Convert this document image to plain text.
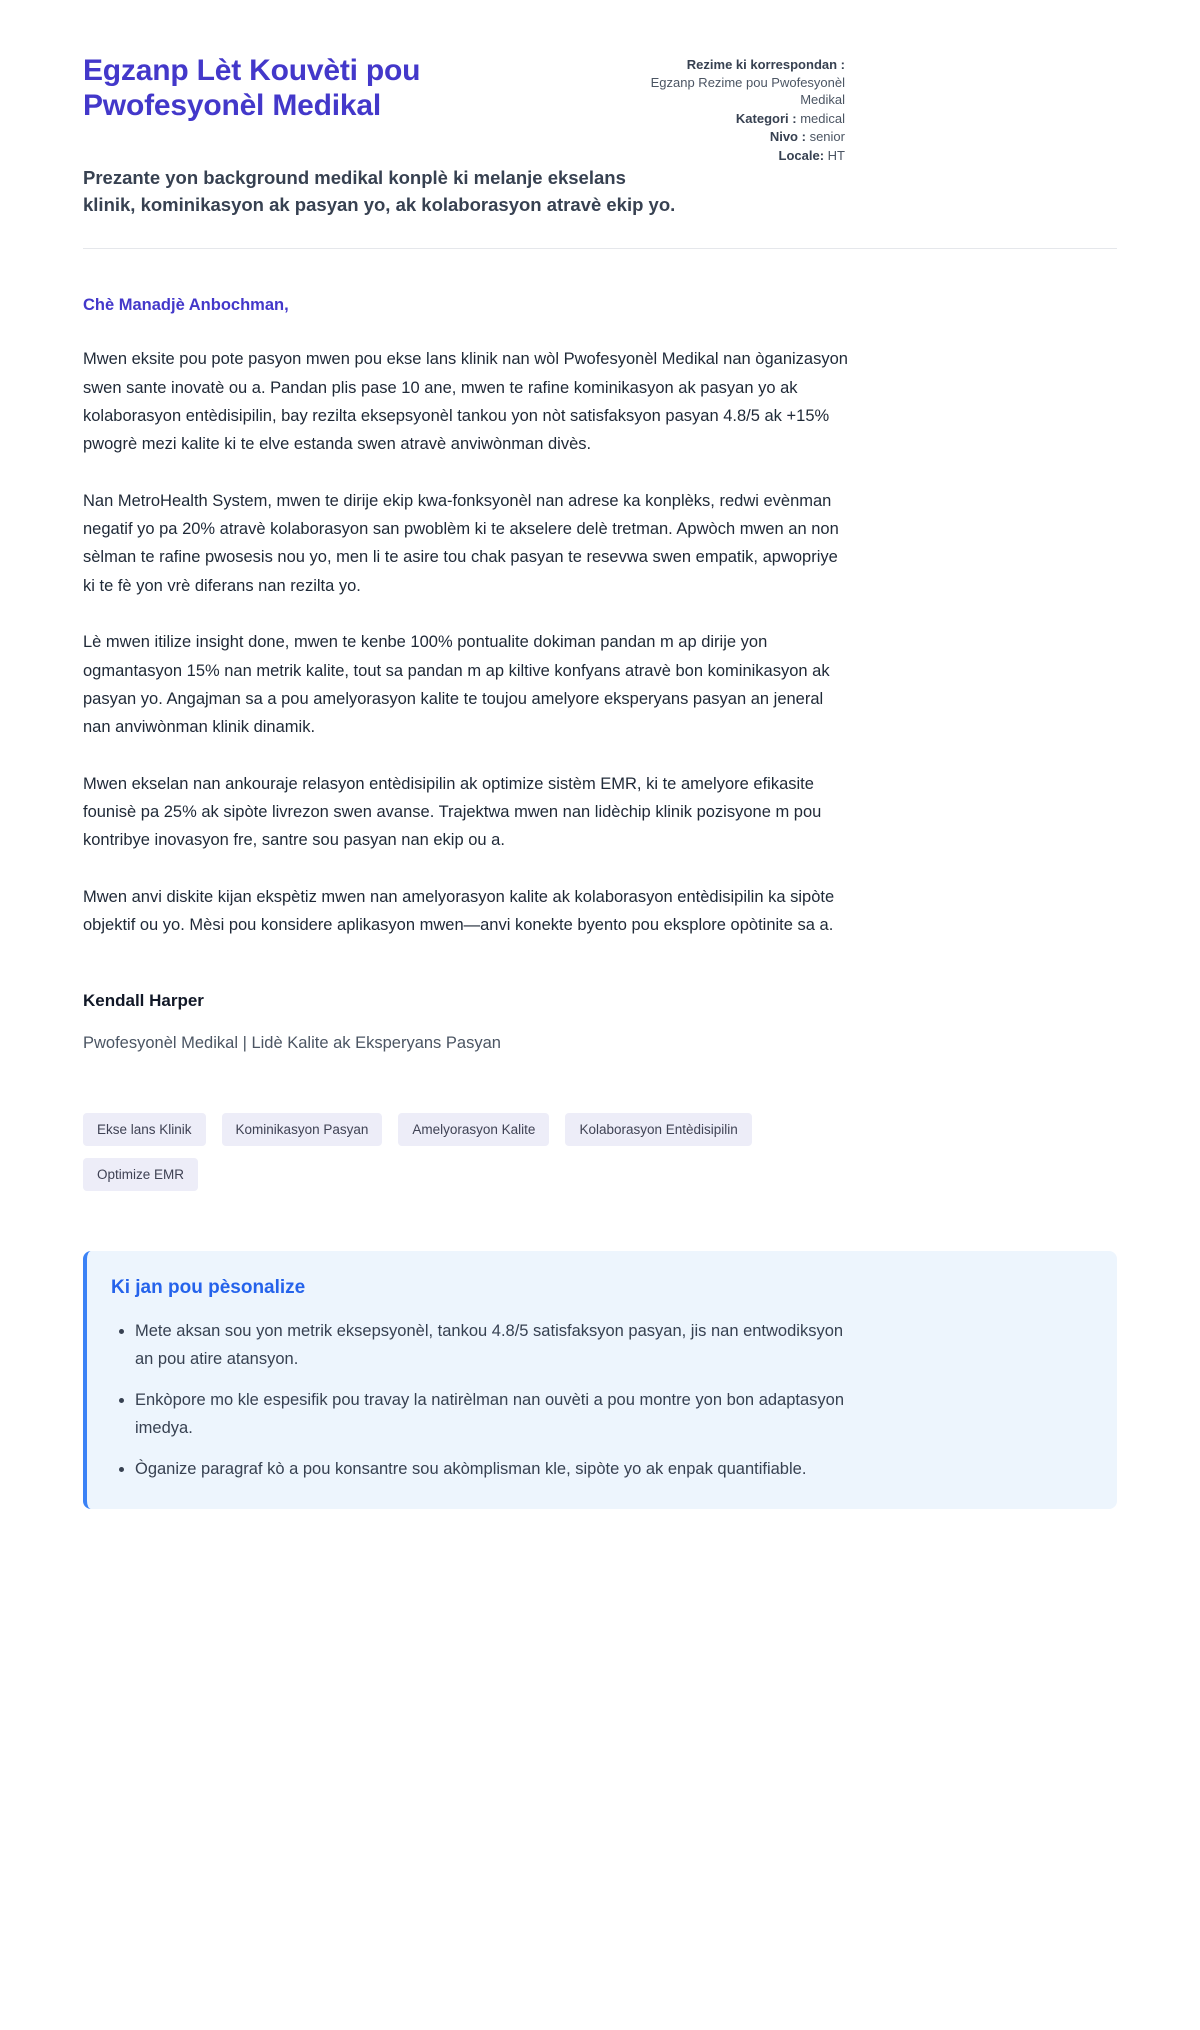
Egzanp Lèt Kouvèti pou Pwofesyonèl Medikal
Rezime ki korrespondan : Egzanp Rezime pou Pwofesyonèl Medikal
Kategori : medical
Nivo : senior
Locale: HT

Prezante yon background medikal konplè ki melanje ekselans klinik, kominikasyon ak pasyan yo, ak kolaborasyon atravè ekip yo.

Chè Manadjè Anbochman,

Mwen eksite pou pote pasyon mwen pou ekse lans klinik nan wòl Pwofesyonèl Medikal nan òganizasyon swen sante inovatè ou a. Pandan plis pase 10 ane, mwen te rafine kominikasyon ak pasyan yo ak kolaborasyon entèdisipilin, bay rezilta eksepsyonèl tankou yon nòt satisfaksyon pasyan 4.8/5 ak +15% pwogrè mezi kalite ki te elve estanda swen atravè anviwònman divès.

Nan MetroHealth System, mwen te dirije ekip kwa-fonksyonèl nan adrese ka konplèks, redwi evènman negatif yo pa 20% atravè kolaborasyon san pwoblèm ki te akselere delè tretman. Apwòch mwen an non sèlman te rafine pwosesis nou yo, men li te asire tou chak pasyan te resevwa swen empatik, apwopriye ki te fè yon vrè diferans nan rezilta yo.

Lè mwen itilize insight done, mwen te kenbe 100% pontualite dokiman pandan m ap dirije yon ogmantasyon 15% nan metrik kalite, tout sa pandan m ap kiltive konfyans atravè bon kominikasyon ak pasyan yo. Angajman sa a pou amelyorasyon kalite te toujou amelyore eksperyans pasyan an jeneral nan anviwònman klinik dinamik.

Mwen ekselan nan ankouraje relasyon entèdisipilin ak optimize sistèm EMR, ki te amelyore efikasite founisè pa 25% ak sipòte livrezon swen avanse. Trajektwa mwen nan lidèchip klinik pozisyone m pou kontribye inovasyon fre, santre sou pasyan nan ekip ou a.

Mwen anvi diskite kijan ekspètiz mwen nan amelyorasyon kalite ak kolaborasyon entèdisipilin ka sipòte objektif ou yo. Mèsi pou konsidere aplikasyon mwen—anvi konekte byento pou eksplore opòtinite sa a.

Kendall Harper

Pwofesyonèl Medikal | Lidè Kalite ak Eksperyans Pasyan

Ekse lans Klinik	Kominikasyon Pasyan	Amelyorasyon Kalite	Kolaborasyon Entèdisipilin
Optimize EMR
Ki jan pou pèsonalize
• Mete aksan sou yon metrik eksepsyonèl, tankou 4.8/5 satisfaksyon pasyan, jis nan entwodiksyon an pou atire atansyon.
• Enkòpore mo kle espesifik pou travay la natirèlman nan ouvèti a pou montre yon bon adaptasyon imedya.
• Òganize paragraf kò a pou konsantre sou akòmplisman kle, sipòte yo ak enpak quantifiable.
